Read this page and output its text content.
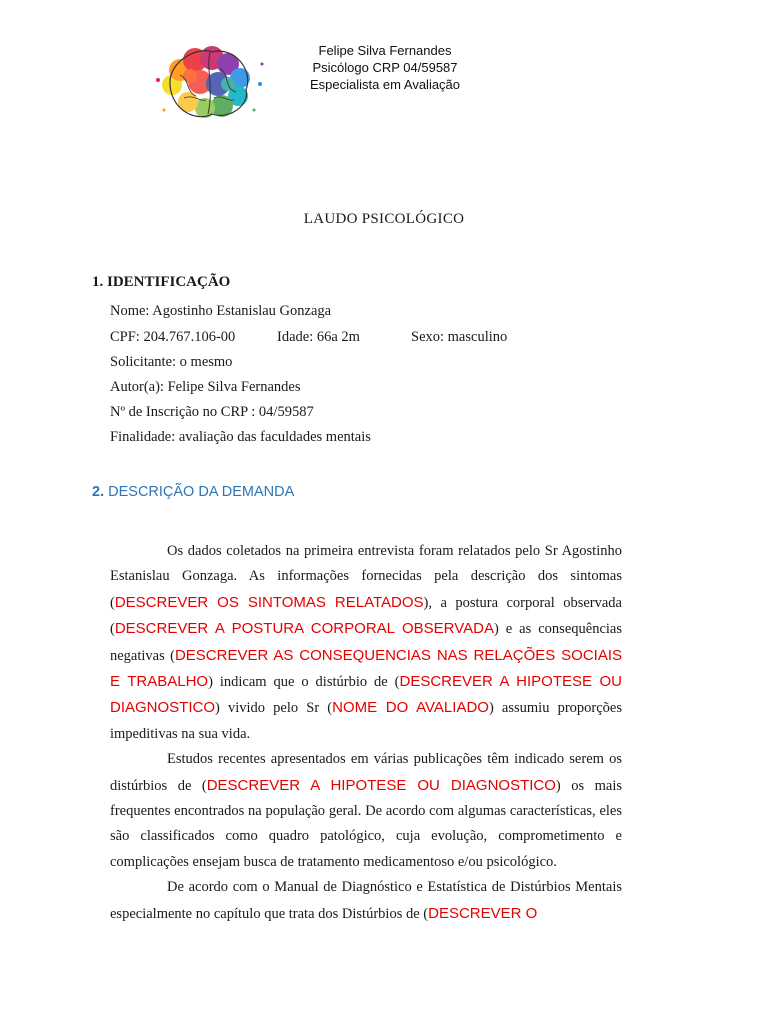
Felipe Silva Fernandes
Psicólogo CRP 04/59587
Especialista em Avaliação
LAUDO PSICOLÓGICO
1. IDENTIFICAÇÃO
Nome: Agostinho Estanislau Gonzaga
CPF: 204.767.106-00	Idade: 66a 2m	Sexo: masculino
Solicitante: o mesmo
Autor(a): Felipe Silva Fernandes
Nº de Inscrição no CRP : 04/59587
Finalidade: avaliação das faculdades mentais
2. DESCRIÇÃO DA DEMANDA

Os dados coletados na primeira entrevista foram relatados pelo Sr Agostinho Estanislau Gonzaga. As informações fornecidas pela descrição dos sintomas (DESCREVER OS SINTOMAS RELATADOS), a postura corporal observada (DESCREVER A POSTURA CORPORAL OBSERVADA) e as consequências negativas (DESCREVER AS CONSEQUENCIAS NAS RELAÇÕES SOCIAIS E TRABALHO) indicam que o distúrbio de (DESCREVER A HIPOTESE OU DIAGNOSTICO) vivido pelo Sr (NOME DO AVALIADO) assumiu proporções impeditivas na sua vida.

Estudos recentes apresentados em várias publicações têm indicado serem os distúrbios de (DESCREVER A HIPOTESE OU DIAGNOSTICO) os mais frequentes encontrados na população geral. De acordo com algumas características, eles são classificados como quadro patológico, cuja evolução, comprometimento e complicações ensejam busca de tratamento medicamentoso e/ou psicológico.

De acordo com o Manual de Diagnóstico e Estatística de Distúrbios Mentais especialmente no capítulo que trata dos Distúrbios de (DESCREVER O
